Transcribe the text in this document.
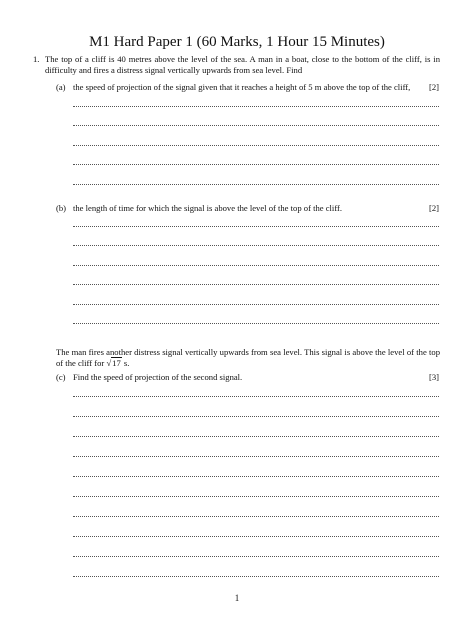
M1 Hard Paper 1 (60 Marks, 1 Hour 15 Minutes)
1. The top of a cliff is 40 metres above the level of the sea. A man in a boat, close to the bottom of the cliff, is in difficulty and fires a distress signal vertically upwards from sea level. Find
(a) the speed of projection of the signal given that it reaches a height of 5 m above the top of the cliff, [2]
(b) the length of time for which the signal is above the level of the top of the cliff.	[2]
The man fires another distress signal vertically upwards from sea level. This signal is above the level of the top of the cliff for √17 s.
(c) Find the speed of projection of the second signal.	[3]
1
